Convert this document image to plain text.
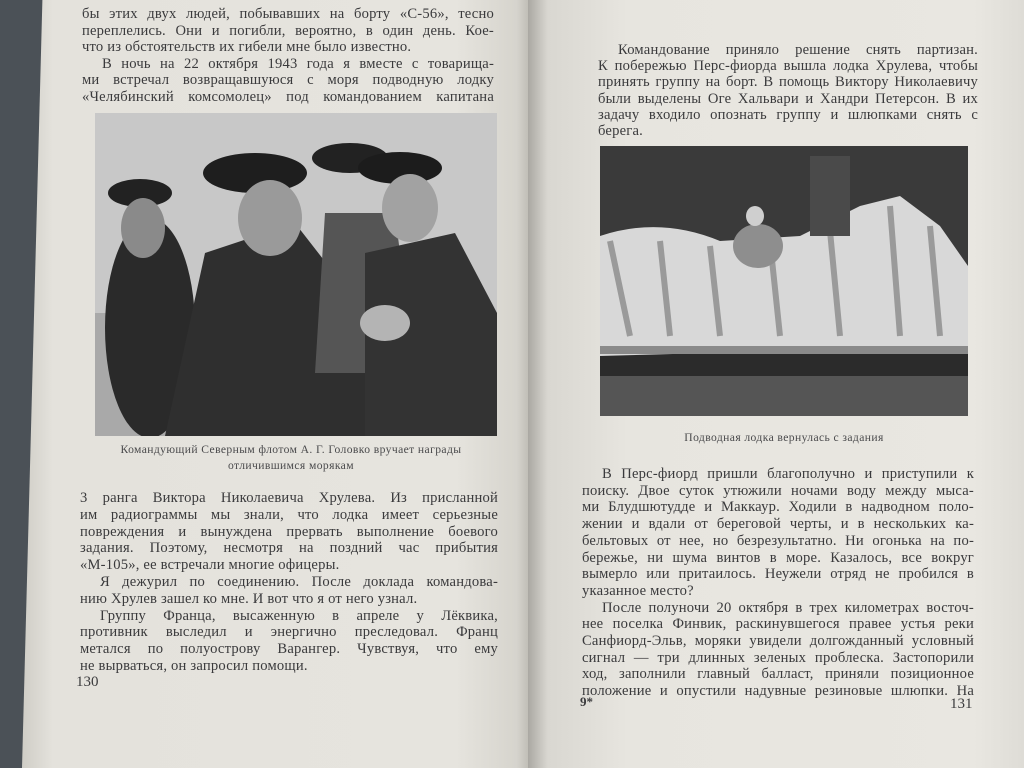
бы этих двух людей, побывавших на борту «С-56», тесно
переплелись. Они и погибли, вероятно, в один день. Кое-
что из обстоятельств их гибели мне было известно.
В ночь на 22 октября 1943 года я вместе с товарища-
ми встречал возвращавшуюся с моря подводную лодку
«Челябинский комсомолец» под командованием капитана
Командующий Северным флотом А. Г. Головко вручает награды
отличившимся морякам
3 ранга Виктора Николаевича Хрулева. Из присланной
им радиограммы мы знали, что лодка имеет серьезные
повреждения и вынуждена прервать выполнение боевого
задания. Поэтому, несмотря на поздний час прибытия
«М-105», ее встречали многие офицеры.
Я дежурил по соединению. После доклада командова-
нию Хрулев зашел ко мне. И вот что я от него узнал.
Группу Франца, высаженную в апреле у Лёквика,
противник выследил и энергично преследовал. Франц
метался по полуострову Варангер. Чувствуя, что ему
не вырваться, он запросил помощи.
130
Командование приняло решение снять партизан.
К побережью Перс-фиорда вышла лодка Хрулева, чтобы
принять группу на борт. В помощь Виктору Николаевичу
были выделены Оге Хальвари и Хандри Петерсон. В их
задачу входило опознать группу и шлюпками снять с
берега.
Подводная лодка вернулась с задания
В Перс-фиорд пришли благополучно и приступили к
поиску. Двое суток утюжили ночами воду между мыса-
ми Блудшютудде и Маккаур. Ходили в надводном поло-
жении и вдали от береговой черты, и в нескольких ка-
бельтовых от нее, но безрезультатно. Ни огонька на по-
бережье, ни шума винтов в море. Казалось, все вокруг
вымерло или притаилось. Неужели отряд не пробился в
указанное место?
После полуночи 20 октября в трех километрах восточ-
нее поселка Финвик, раскинувшегося правее устья реки
Санфиорд-Эльв, моряки увидели долгожданный условный
сигнал — три длинных зеленых проблеска. Застопорили
ход, заполнили главный балласт, приняли позиционное
положение и опустили надувные резиновые шлюпки. На
9*	131
